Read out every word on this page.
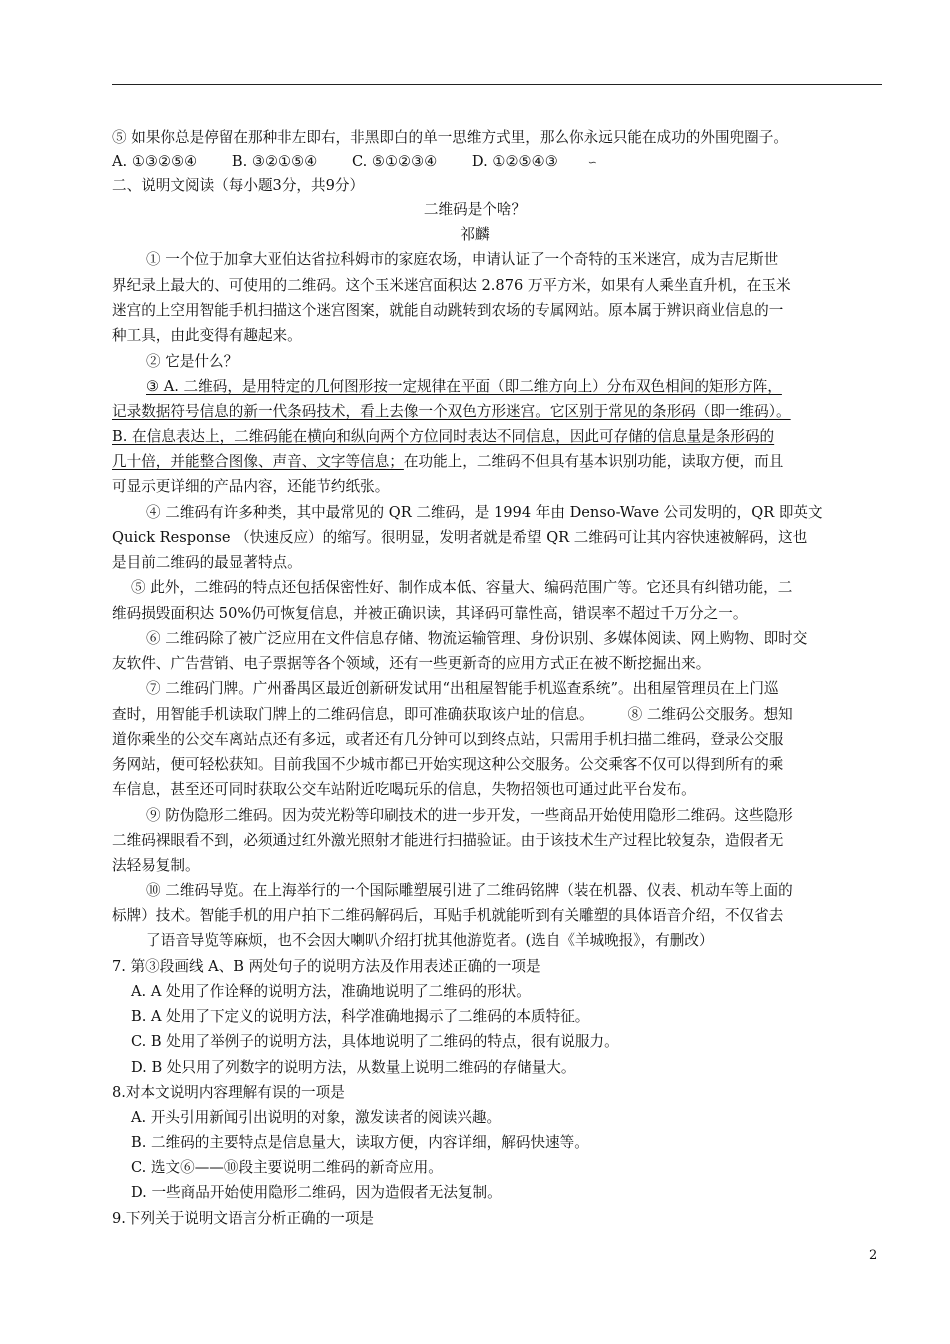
⑤ 如果你总是停留在那种非左即右，非黑即白的单一思维方式里，那么你永远只能在成功的外围兜圈子。
A. ①③②⑤④ B. ③②①⑤④ C. ⑤①②③④ D. ①②⑤④③	∽
二、说明文阅读（每小题3分，共9分）
二维码是个啥？
祁麟
① 一个位于加拿大亚伯达省拉科姆市的家庭农场，申请认证了一个奇特的玉米迷宫，成为吉尼斯世
界纪录上最大的、可使用的二维码。这个玉米迷宫面积达 2.876 万平方米，如果有人乘坐直升机，在玉米
迷宫的上空用智能手机扫描这个迷宫图案，就能自动跳转到农场的专属网站。原本属于辨识商业信息的一
种工具，由此变得有趣起来。
② 它是什么？
③ A. 二维码，是用特定的几何图形按一定规律在平面（即二维方向上）分布双色相间的矩形方阵，
记录数据符号信息的新一代条码技术，看上去像一个双色方形迷宫。它区别于常见的条形码（即一维码）。
B. 在信息表达上，二维码能在横向和纵向两个方位同时表达不同信息，因此可存储的信息量是条形码的
几十倍，并能整合图像、声音、文字等信息；在功能上，二维码不但具有基本识别功能，读取方便，而且
可显示更详细的产品内容，还能节约纸张。
④ 二维码有许多种类，其中最常见的 QR 二维码，是 1994 年由 Denso-Wave 公司发明的，QR 即英文
Quick Response （快速反应）的缩写。很明显，发明者就是希望 QR 二维码可让其内容快速被解码，这也
是目前二维码的最显著特点。
⑤ 此外，二维码的特点还包括保密性好、制作成本低、容量大、编码范围广等。它还具有纠错功能，二
维码损毁面积达 50%仍可恢复信息，并被正确识读，其译码可靠性高，错误率不超过千万分之一。
⑥ 二维码除了被广泛应用在文件信息存储、物流运输管理、身份识别、多媒体阅读、网上购物、即时交
友软件、广告营销、电子票据等各个领域，还有一些更新奇的应用方式正在被不断挖掘出来。
⑦ 二维码门牌。广州番禺区最近创新研发试用“出租屋智能手机巡查系统”。出租屋管理员在上门巡
查时，用智能手机读取门牌上的二维码信息，即可准确获取该户址的信息。 ⑧ 二维码公交服务。想知
道你乘坐的公交车离站点还有多远，或者还有几分钟可以到终点站，只需用手机扫描二维码，登录公交服
务网站，便可轻松获知。目前我国不少城市都已开始实现这种公交服务。公交乘客不仅可以得到所有的乘
车信息，甚至还可同时获取公交车站附近吃喝玩乐的信息，失物招领也可通过此平台发布。
⑨ 防伪隐形二维码。因为荧光粉等印刷技术的进一步开发，一些商品开始使用隐形二维码。这些隐形
二维码裸眼看不到，必须通过红外激光照射才能进行扫描验证。由于该技术生产过程比较复杂，造假者无
法轻易复制。
⑩ 二维码导览。在上海举行的一个国际雕塑展引进了二维码铭牌（装在机器、仪表、机动车等上面的
标牌）技术。智能手机的用户拍下二维码解码后，耳贴手机就能听到有关雕塑的具体语音介绍，不仅省去
了语音导览等麻烦，也不会因大喇叭介绍打扰其他游览者。(选自《羊城晚报》，有删改）
7. 第③段画线 A、B 两处句子的说明方法及作用表述正确的一项是
A. A 处用了作诠释的说明方法，准确地说明了二维码的形状。
B. A 处用了下定义的说明方法，科学准确地揭示了二维码的本质特征。
C. B 处用了举例子的说明方法，具体地说明了二维码的特点，很有说服力。
D. B 处只用了列数字的说明方法，从数量上说明二维码的存储量大。
8.对本文说明内容理解有误的一项是
A. 开头引用新闻引出说明的对象，激发读者的阅读兴趣。
B. 二维码的主要特点是信息量大，读取方便，内容详细，解码快速等。
C. 选文⑥——⑩段主要说明二维码的新奇应用。
D. 一些商品开始使用隐形二维码，因为造假者无法复制。
9.下列关于说明文语言分析正确的一项是
2
